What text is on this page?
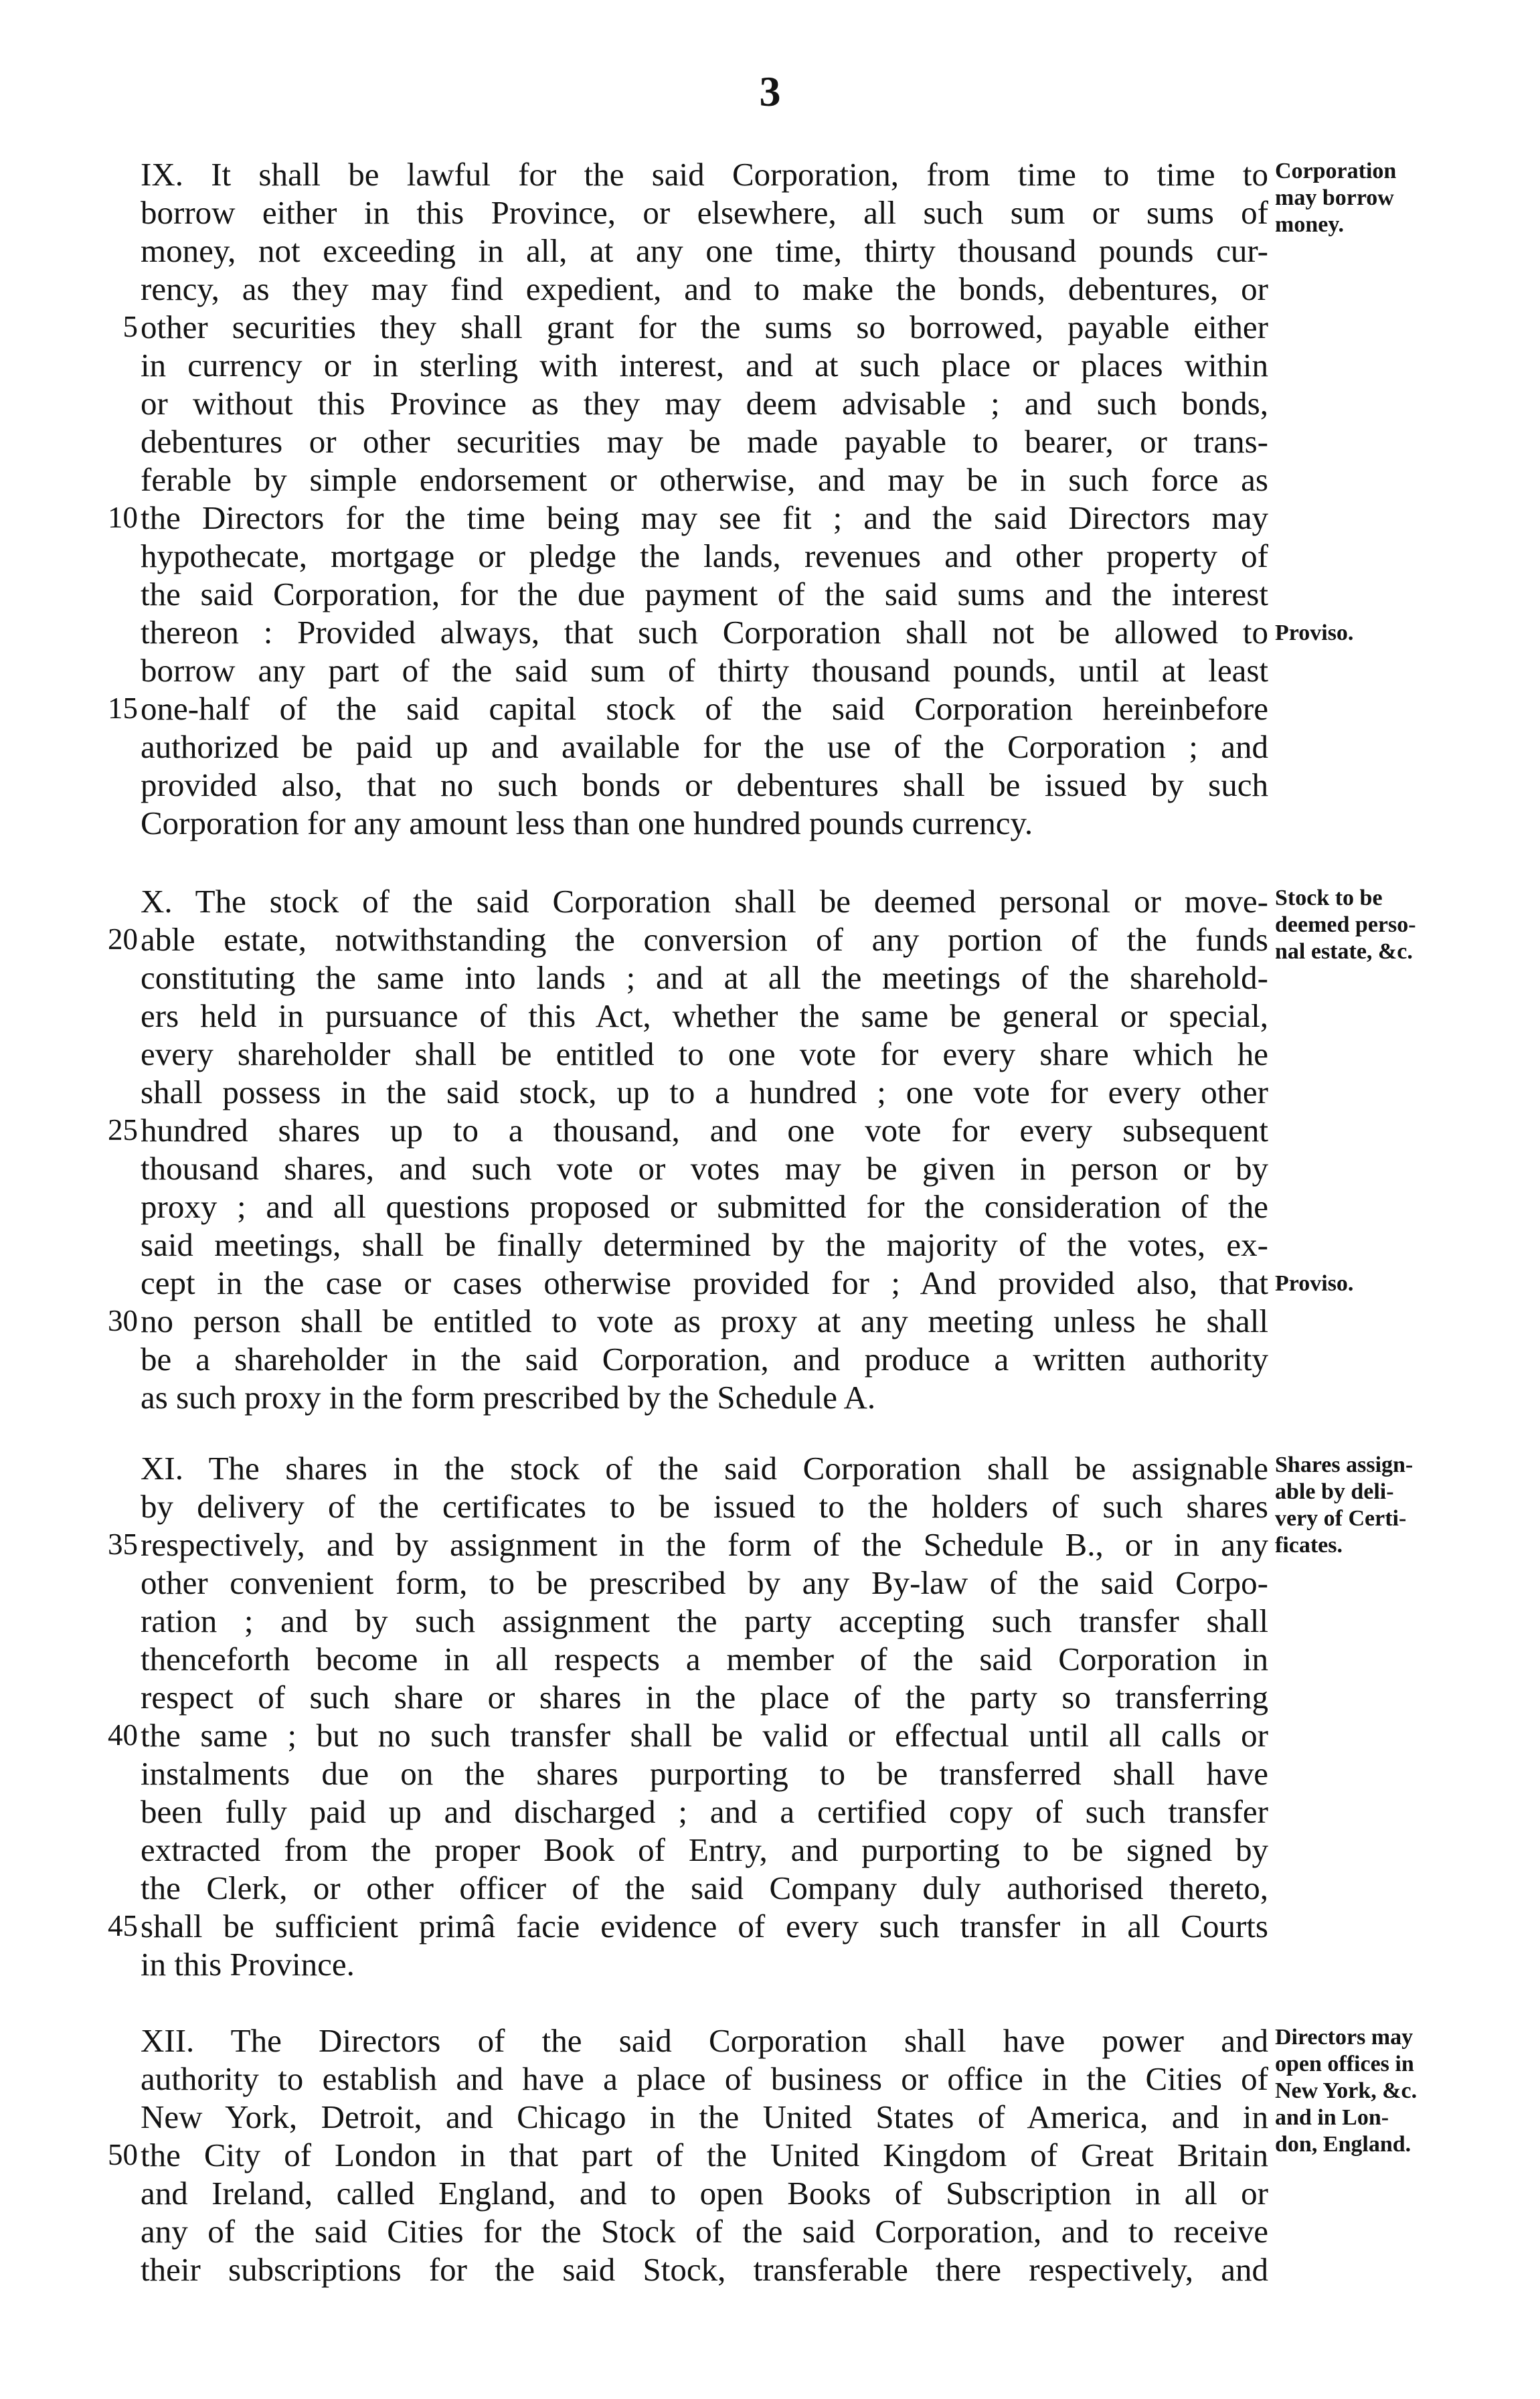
3
IX. It shall be lawful for the said Corporation, from time to time to
borrow either in this Province, or elsewhere, all such sum or sums of
money, not exceeding in all, at any one time, thirty thousand pounds cur-
rency, as they may find expedient, and to make the bonds, debentures, or
other securities they shall grant for the sums so borrowed, payable either
in currency or in sterling with interest, and at such place or places within
or without this Province as they may deem advisable ; and such bonds,
debentures or other securities may be made payable to bearer, or trans-
ferable by simple endorsement or otherwise, and may be in such force as
the Directors for the time being may see fit ; and the said Directors may
hypothecate, mortgage or pledge the lands, revenues and other property of
the said Corporation, for the due payment of the said sums and the interest
thereon : Provided always, that such Corporation shall not be allowed to
borrow any part of the said sum of thirty thousand pounds, until at least
one-half of the said capital stock of the said Corporation hereinbefore
authorized be paid up and available for the use of the Corporation ; and
provided also, that no such bonds or debentures shall be issued by such
Corporation for any amount less than one hundred pounds currency.
X. The stock of the said Corporation shall be deemed personal or move-
able estate, notwithstanding the conversion of any portion of the funds
constituting the same into lands ; and at all the meetings of the sharehold-
ers held in pursuance of this Act, whether the same be general or special,
every shareholder shall be entitled to one vote for every share which he
shall possess in the said stock, up to a hundred ; one vote for every other
hundred shares up to a thousand, and one vote for every subsequent
thousand shares, and such vote or votes may be given in person or by
proxy ; and all questions proposed or submitted for the consideration of the
said meetings, shall be finally determined by the majority of the votes, ex-
cept in the case or cases otherwise provided for ; And provided also, that
no person shall be entitled to vote as proxy at any meeting unless he shall
be a shareholder in the said Corporation, and produce a written authority
as such proxy in the form prescribed by the Schedule A.
XI. The shares in the stock of the said Corporation shall be assignable
by delivery of the certificates to be issued to the holders of such shares
respectively, and by assignment in the form of the Schedule B., or in any
other convenient form, to be prescribed by any By-law of the said Corpo-
ration ; and by such assignment the party accepting such transfer shall
thenceforth become in all respects a member of the said Corporation in
respect of such share or shares in the place of the party so transferring
the same ; but no such transfer shall be valid or effectual until all calls or
instalments due on the shares purporting to be transferred shall have
been fully paid up and discharged ; and a certified copy of such transfer
extracted from the proper Book of Entry, and purporting to be signed by
the Clerk, or other officer of the said Company duly authorised thereto,
shall be sufficient primâ facie evidence of every such transfer in all Courts
in this Province.
XII. The Directors of the said Corporation shall have power and
authority to establish and have a place of business or office in the Cities of
New York, Detroit, and Chicago in the United States of America, and in
the City of London in that part of the United Kingdom of Great Britain
and Ireland, called England, and to open Books of Subscription in all or
any of the said Cities for the Stock of the said Corporation, and to receive
their subscriptions for the said Stock, transferable there respectively, and
5
10
15
20
25
30
35
40
45
50
Corporation
may borrow
money.
Proviso.
Stock to be
deemed perso-
nal estate, &c.
Proviso.
Shares assign-
able by deli-
very of Certi-
ficates.
Directors may
open offices in
New York, &c.
and in Lon-
don, England.
